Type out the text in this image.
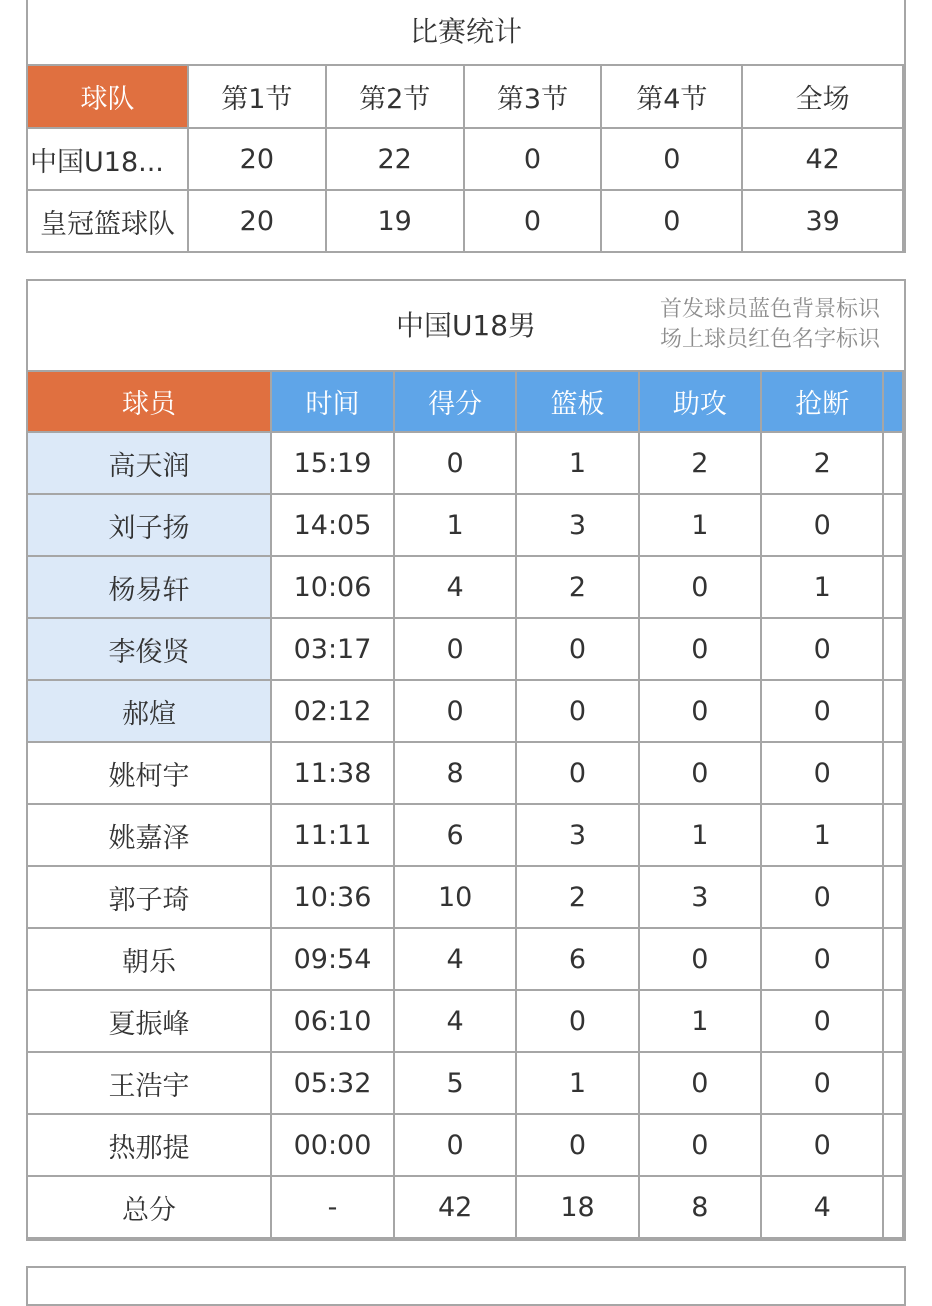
比赛统计
球队	第1节	第2节	第3节	第4节	全场
中国U18...	20	22	0	0	42
皇冠篮球队	20	19	0	0	39
中国U18男	首发球员蓝色背景标识
场上球员红色名字标识
球员	时间	得分	篮板	助攻	抢断	
高天润	15:19	0	1	2	2	
刘子扬	14:05	1	3	1	0	
杨易轩	10:06	4	2	0	1	
李俊贤	03:17	0	0	0	0	
郝煊	02:12	0	0	0	0	
姚柯宇	11:38	8	0	0	0	
姚嘉泽	11:11	6	3	1	1	
郭子琦	10:36	10	2	3	0	
朝乐	09:54	4	6	0	0	
夏振峰	06:10	4	0	1	0	
王浩宇	05:32	5	1	0	0	
热那提	00:00	0	0	0	0	
总分	-	42	18	8	4	
